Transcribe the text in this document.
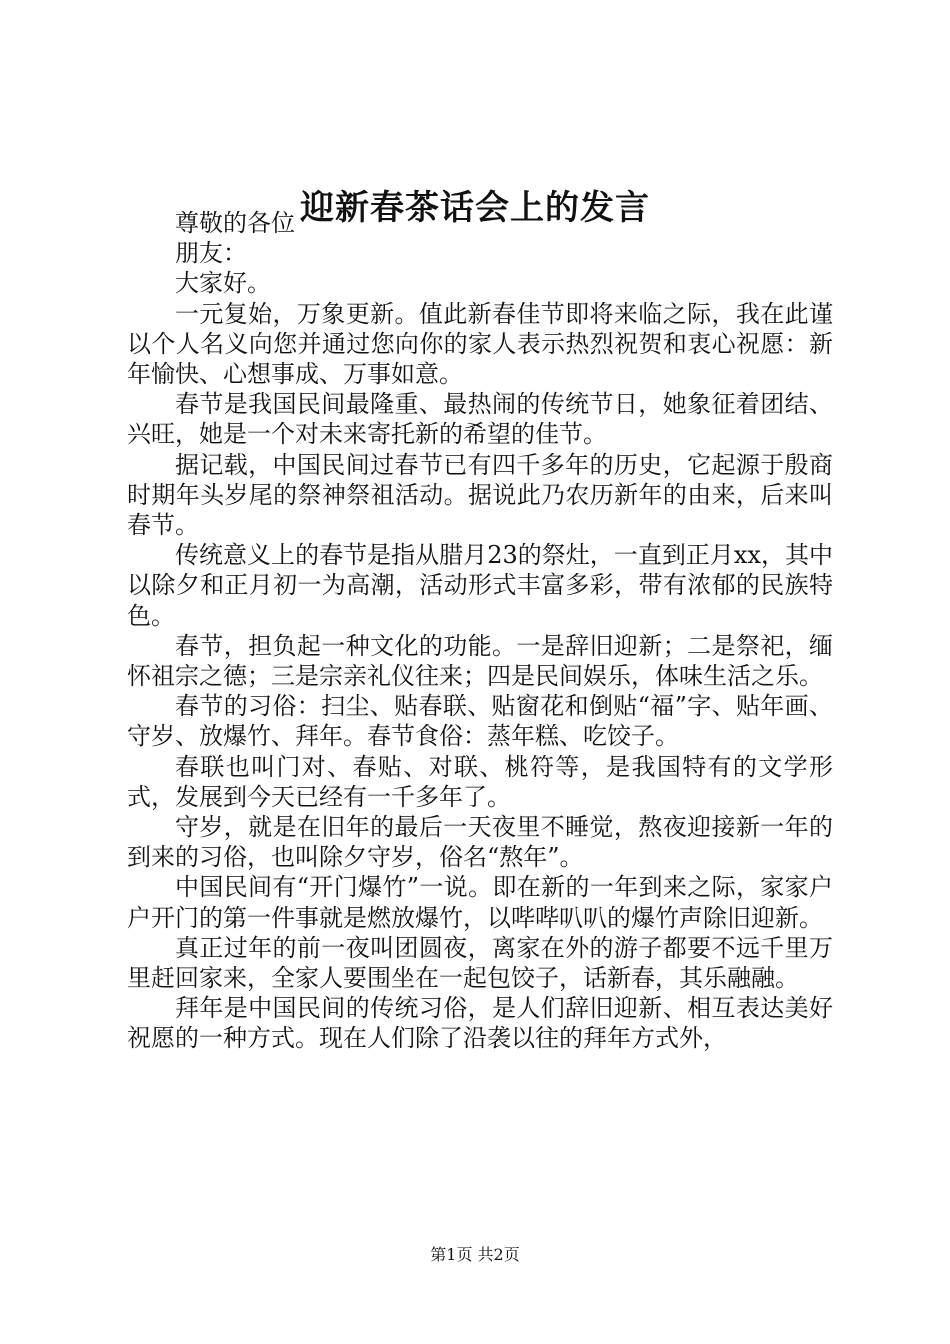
迎新春茶话会上的发言

尊敬的各位

朋友：

大家好。

一元复始，万象更新。值此新春佳节即将来临之际，我在此谨以个人名义向您并通过您向你的家人表示热烈祝贺和衷心祝愿：新年愉快、心想事成、万事如意。

春节是我国民间最隆重、最热闹的传统节日，她象征着团结、兴旺，她是一个对未来寄托新的希望的佳节。

据记载，中国民间过春节已有四千多年的历史，它起源于殷商时期年头岁尾的祭神祭祖活动。据说此乃农历新年的由来，后来叫春节。

传统意义上的春节是指从腊月23的祭灶，一直到正月xx，其中以除夕和正月初一为高潮，活动形式丰富多彩，带有浓郁的民族特色。

春节，担负起一种文化的功能。一是辞旧迎新；二是祭祀，缅怀祖宗之德；三是宗亲礼仪往来；四是民间娱乐，体味生活之乐。

春节的习俗：扫尘、贴春联、贴窗花和倒贴“福”字、贴年画、守岁、放爆竹、拜年。春节食俗：蒸年糕、吃饺子。

春联也叫门对、春贴、对联、桃符等，是我国特有的文学形式，发展到今天已经有一千多年了。

守岁，就是在旧年的最后一天夜里不睡觉，熬夜迎接新一年的到来的习俗，也叫除夕守岁，俗名“熬年”。

中国民间有“开门爆竹”一说。即在新的一年到来之际，家家户户开门的第一件事就是燃放爆竹，以哔哔叭叭的爆竹声除旧迎新。

真正过年的前一夜叫团圆夜，离家在外的游子都要不远千里万里赶回家来，全家人要围坐在一起包饺子，话新春，其乐融融。

拜年是中国民间的传统习俗，是人们辞旧迎新、相互表达美好祝愿的一种方式。现在人们除了沿袭以往的拜年方式外，

第1页 共2页
